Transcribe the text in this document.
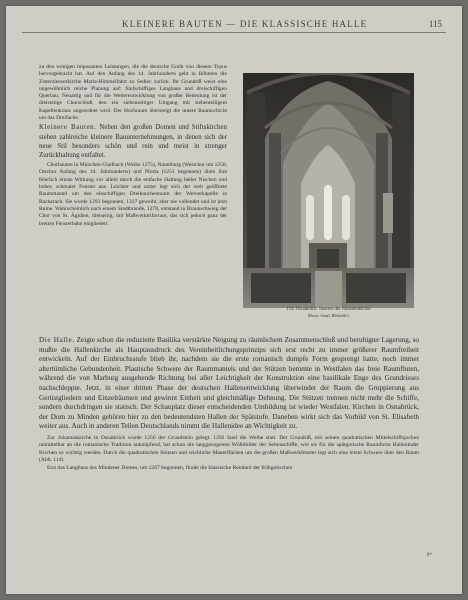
KLEINERE BAUTEN — DIE KLASSISCHE HALLE	115

zu den wenigen imposanten Leistungen, die die deutsche Gotik von diesem Typus hervorgebracht hat. Auf den Anfang des 14. Jahrhunderts geht in Böhmen die Zisterzienserkirche Maria-Himmelfahrt zu Sedlec zurück. Ihr Grundriß weist eine ungewöhnlich reiche Planung auf: fünfschiffiges Langhaus und dreischiffigen Querbau. Neuartig und für die Weiterentwicklung von großer Bedeutung ist der dreiseitige Chorschluß, den ein siebenseitiger Umgang mit siebenteiligem Kapellenkranz angeordnet wird. Der Hochraum übersteigt die untere Raumschicht um das Dreifache.

Kleinere Bauten. Neben den großen Domen und Stiftskirchen stehen zahlreiche kleinere Bauunternehmungen, in denen sich der neue Stil besonders schön und rein und meist in strenger Zurückhaltung entfaltet.

Chorbauten in München-Gladbach (Weihe 1275), Naumburg (Westchor um 1250, Ostchor Anfang des 14. Jahrhunderts) und Pforta (1251 begonnen) üben ihre feierlich ernste Wirkung vor allem durch die einfache Haltung heller Nischen und hoher, schmaler Fenster aus. Leichter und zarter legt sich der weit geöffnete Raummantel um den einschiffigen Dreikonchenraum der Wernerkapelle in Bacharach. Sie wurde 1293 begonnen, 1337 geweiht, aber nie vollendet und ist jetzt Ruine. Wahrscheinlich nach einem Stadtbrande, 1278, entstand in Braunschweig der Chor von St. Ägidien, dreiseitig, mit Maßwerktriforium, das sich jedoch ganz der breiten Fensterbahn eingliedert.

114. Osnabrück. Inneres der Johanniskirche
(Photo: Staatl. Bildstelle.)

Die Halle. Zeigte schon die reduzierte Basilika verstärkte Neigung zu räumlichem Zusammenschluß und beruhigter Lagerung, so mußte die Hallenkirche als Hauptausdruck des Vereinheitlichungsprinzips sich erst recht zu immer größerer Raumfreiheit entwickeln. Auf der Einbruchsstufe blieb ihr, nachdem sie die erste romanisch dumpfe Form gesprengt hatte, noch immer altertümliche Gebundenheit. Plastische Schwere der Raummantels und der Stützen hemmte in Westfalen das freie Raumfluten, während die von Marburg ausgehende Richtung bei aller Leichtigkeit der Konstruktion eine basilikale Enge des Grundrisses nachschleppte. Jetzt, in einer dritten Phase der deutschen Hallenentwicklung überwindet der Raum die Gruppierung aus Gerüstgliedern und Einzelräumen und gewinnt Einheit und gleichmäßige Dehnung. Die Stützen trennen nicht mehr die Schiffe, sondern durchdringen sie statisch. Der Schauplatz dieser entscheidenden Umbildung ist wieder Westfalen. Kirchen in Osnabrück, der Dom zu Minden gehören hier zu den bedeutendsten Hallen der Spätstufe. Daneben wirkt sich das Vorbild von St. Elisabeth weiter aus. Auch in anderen Teilen Deutschlands nimmt die Hallenidee an Wichtigkeit zu.

Zur Johanniskirche in Osnabrück wurde 1256 der Grundstein gelegt. 1292 fand die Weihe statt. Der Grundriß, mit seinen quadratischen Mittelschiffsjochen unmittelbar an die romanische Tradition anknüpfend, hat schon die langgezogenen Wölbfelder der Seitenschiffe, wie sie für die spätgotische Raumform Halleninder Kirchen so wichtig werden. Durch die quadratischen Stützen und reichliche Mauerflächen um die großen Maßwerkfenster legt sich eine letzte Schwere über den Raum (Abb. 114).

Erst das Langhaus des Mindener Domes, um 1267 begonnen, findet die klassische Reinheit der frühgotischen

8*
